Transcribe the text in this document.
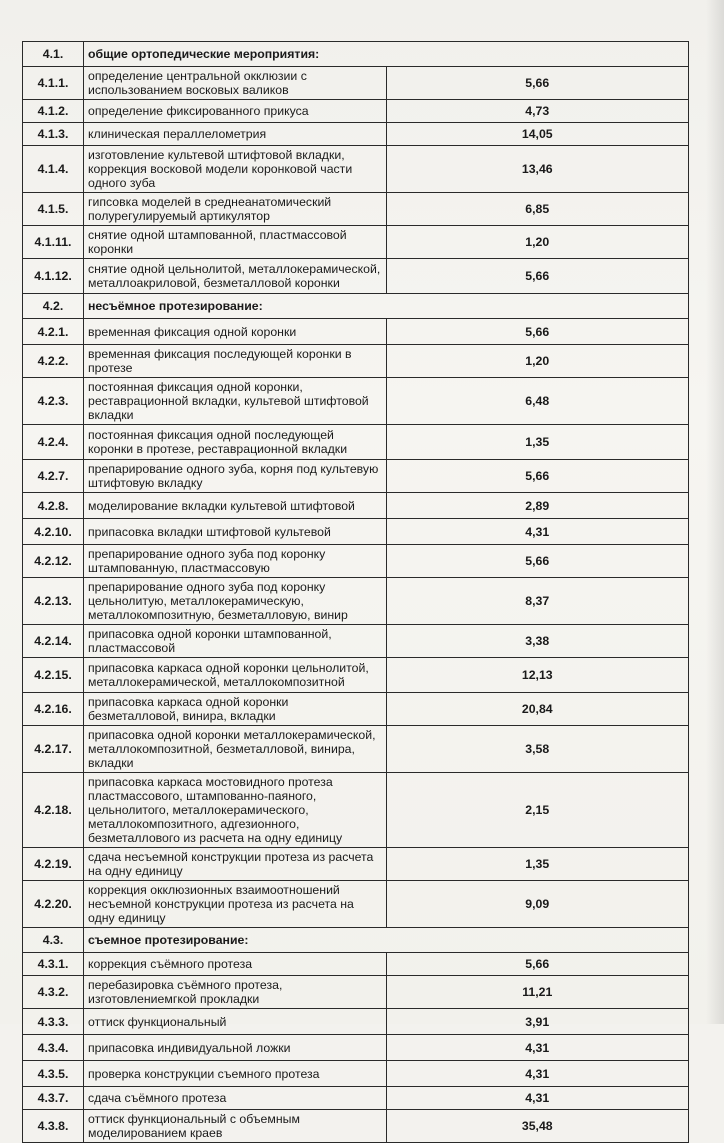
4.1.	общие ортопедические мероприятия:	
4.1.1.	определение центральной окклюзии с использованием восковых валиков	5,66
4.1.2.	определение фиксированного прикуса	4,73
4.1.3.	клиническая пераллелометрия	14,05
4.1.4.	изготовление культевой штифтовой вкладки, коррекция восковой модели коронковой части одного зуба	13,46
4.1.5.	гипсовка моделей в среднеанатомический полурегулируемый артикулятор	6,85
4.1.11.	снятие одной штампованной, пластмассовой коронки	1,20
4.1.12.	снятие одной цельнолитой, металлокерамической, металлоакриловой, безметалловой коронки	5,66
4.2.	несъёмное протезирование:	
4.2.1.	временная фиксация одной коронки	5,66
4.2.2.	временная фиксация последующей коронки в протезе	1,20
4.2.3.	постоянная фиксация одной коронки, реставрационной вкладки, культевой штифтовой вкладки	6,48
4.2.4.	постоянная фиксация одной последующей коронки в протезе, реставрационной вкладки	1,35
4.2.7.	препарирование одного зуба, корня под культевую штифтовую вкладку	5,66
4.2.8.	моделирование вкладки культевой штифтовой	2,89
4.2.10.	припасовка вкладки штифтовой культевой	4,31
4.2.12.	препарирование одного зуба под коронку штампованную, пластмассовую	5,66
4.2.13.	препарирование одного зуба под коронку цельнолитую, металлокерамическую, металлокомпозитную, безметалловую, винир	8,37
4.2.14.	припасовка одной коронки штампованной, пластмассовой	3,38
4.2.15.	припасовка каркаса одной коронки цельнолитой, металлокерамической, металлокомпозитной	12,13
4.2.16.	припасовка каркаса одной коронки безметалловой, винира, вкладки	20,84
4.2.17.	припасовка одной коронки металлокерамической, металлокомпозитной, безметалловой, винира, вкладки	3,58
4.2.18.	припасовка каркаса мостовидного протеза пластмассового, штампованно-паяного, цельнолитого, металлокерамического, металлокомпозитного, адгезионного, безметаллового из расчета на одну единицу	2,15
4.2.19.	сдача несъемной конструкции протеза из расчета на одну единицу	1,35
4.2.20.	коррекция окклюзионных взаимоотношений несъемной конструкции протеза из расчета на одну единицу	9,09
4.3.	съемное протезирование:	
4.3.1.	коррекция съёмного протеза	5,66
4.3.2.	перебазировка съёмного протеза, изготовлениемгкой прокладки	11,21
4.3.3.	оттиск функциональный	3,91
4.3.4.	припасовка индивидуальной ложки	4,31
4.3.5.	проверка конструкции съемного протеза	4,31
4.3.7.	сдача съёмного протеза	4,31
4.3.8.	оттиск функциональный с объемным моделированием краев	35,48
